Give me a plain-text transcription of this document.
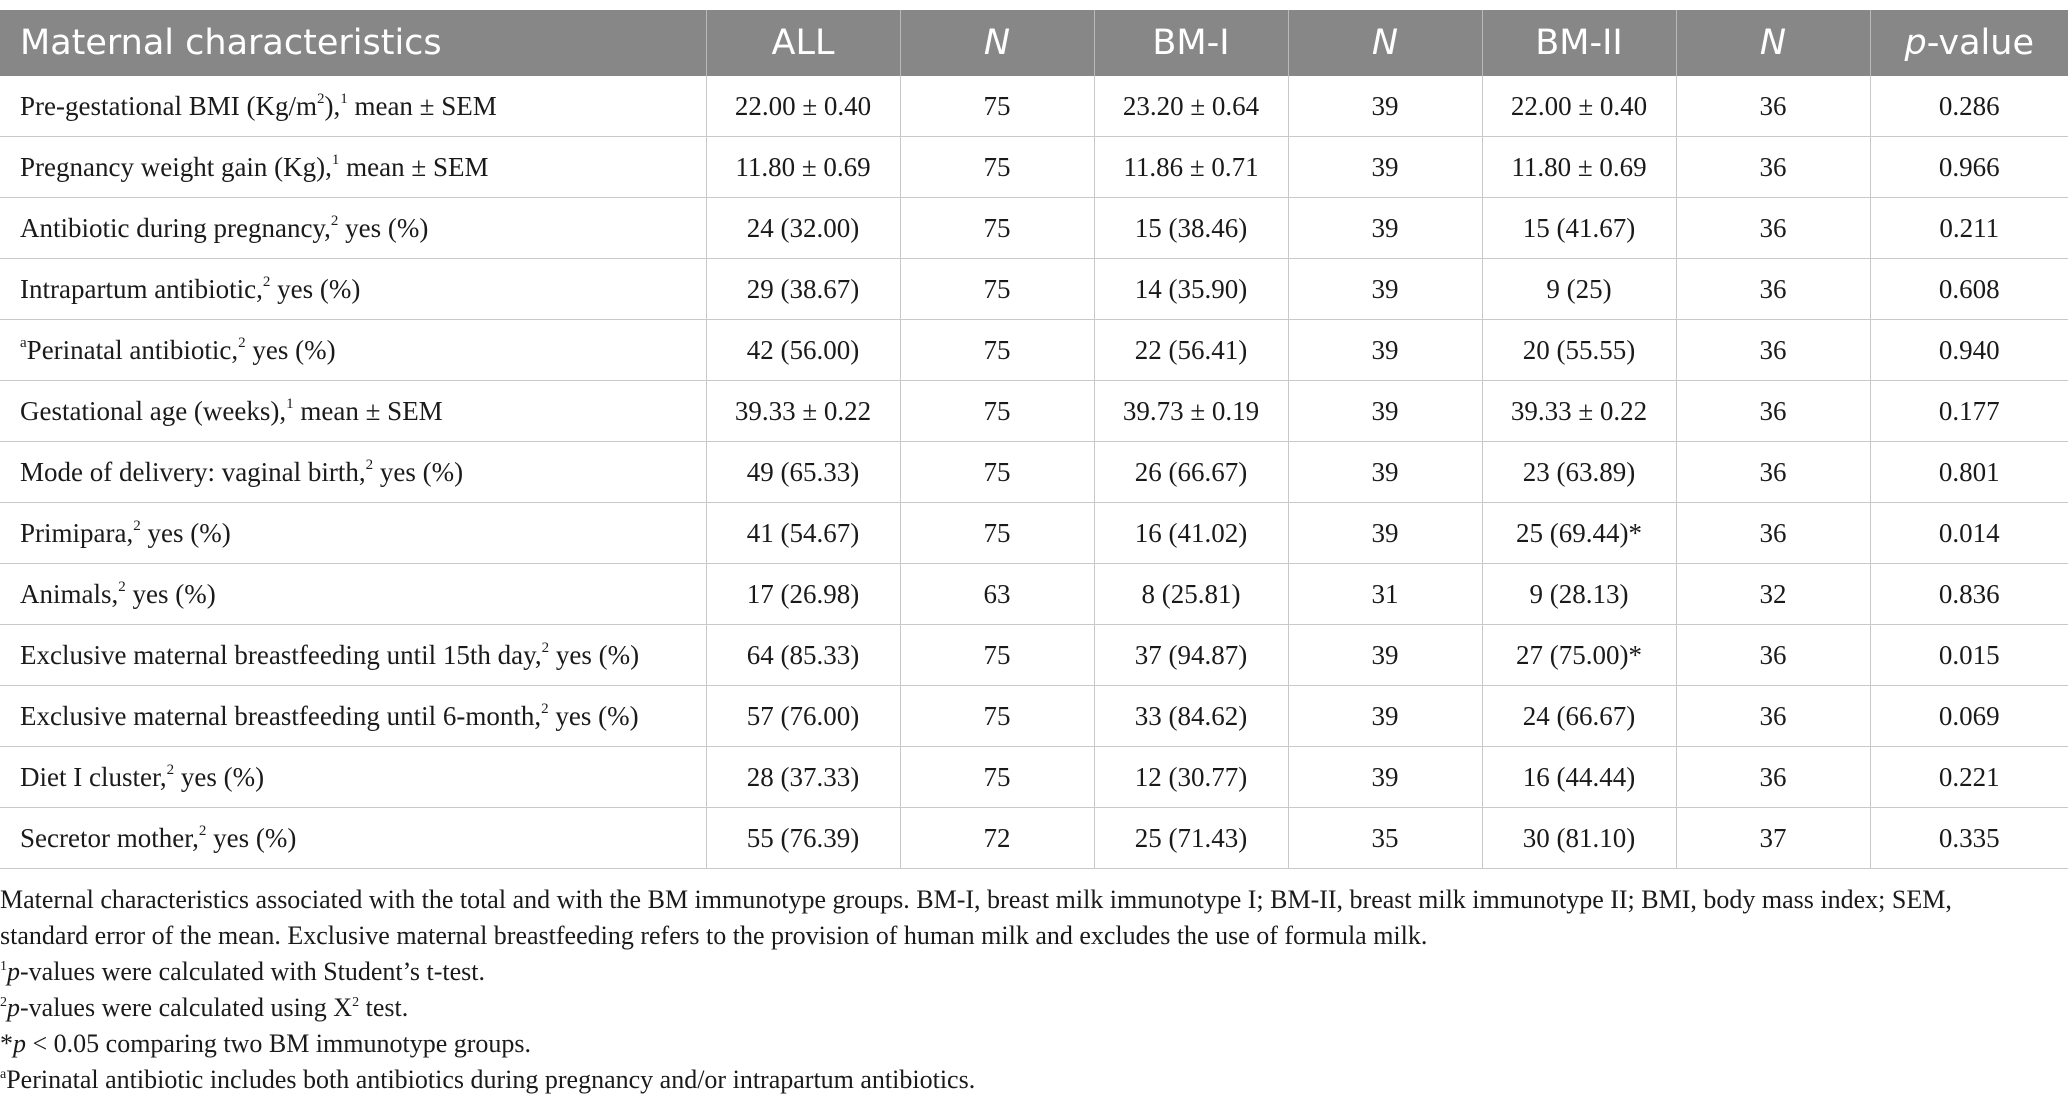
Maternal characteristics	ALL	N	BM-I	N	BM-II	N	p-value
Pre-gestational BMI $(Kg/m^2),^1$ mean ± SEM	22.00 ± 0.40	75	23.20 ± 0.64	39	22.00 ± 0.40	36	0.286
Pregnancy weight gain (Kg),$^1$ mean ± SEM	11.80 ± 0.69	75	11.86 ± 0.71	39	11.80 ± 0.69	36	0.966
Antibiotic during pregnancy,$^2$ yes (%)	24 (32.00)	75	15 (38.46)	39	15 (41.67)	36	0.211
Intrapartum antibiotic,$^2$ yes (%)	29 (38.67)	75	14 (35.90)	39	9 (25)	36	0.608
$^a$Perinatal antibiotic,$^2$ yes (%)	42 (56.00)	75	22 (56.41)	39	20 (55.55)	36	0.940
Gestational age (weeks),$^1$ mean ± SEM	39.33 ± 0.22	75	39.73 ± 0.19	39	39.33 ± 0.22	36	0.177
Mode of delivery: vaginal birth,$^2$ yes (%)	49 (65.33)	75	26 (66.67)	39	23 (63.89)	36	0.801
Primipara,$^2$ yes (%)	41 (54.67)	75	16 (41.02)	39	25 (69.44)*	36	0.014
Animals,$^2$ yes (%)	17 (26.98)	63	8 (25.81)	31	9 (28.13)	32	0.836
Exclusive maternal breastfeeding until 15th day,$^2$ yes (%)	64 (85.33)	75	37 (94.87)	39	27 (75.00)*	36	0.015
Exclusive maternal breastfeeding until 6-month,$^2$ yes (%)	57 (76.00)	75	33 (84.62)	39	24 (66.67)	36	0.069
Diet I cluster,$^2$ yes (%)	28 (37.33)	75	12 (30.77)	39	16 (44.44)	36	0.221
Secretor mother,$^2$ yes (%)	55 (76.39)	72	25 (71.43)	35	30 (81.10)	37	0.335

Maternal characteristics associated with the total and with the BM immunotype groups. BM-I, breast milk immunotype I; BM-II, breast milk immunotype II; BMI, body mass index; SEM, standard error of the mean. Exclusive maternal breastfeeding refers to the provision of human milk and excludes the use of formula milk.

$^1$p-values were calculated with Student’s t-test.

$^2$p-values were calculated using $X^2$ test.

*p < 0.05 comparing two BM immunotype groups.

$^a$Perinatal antibiotic includes both antibiotics during pregnancy and/or intrapartum antibiotics.
